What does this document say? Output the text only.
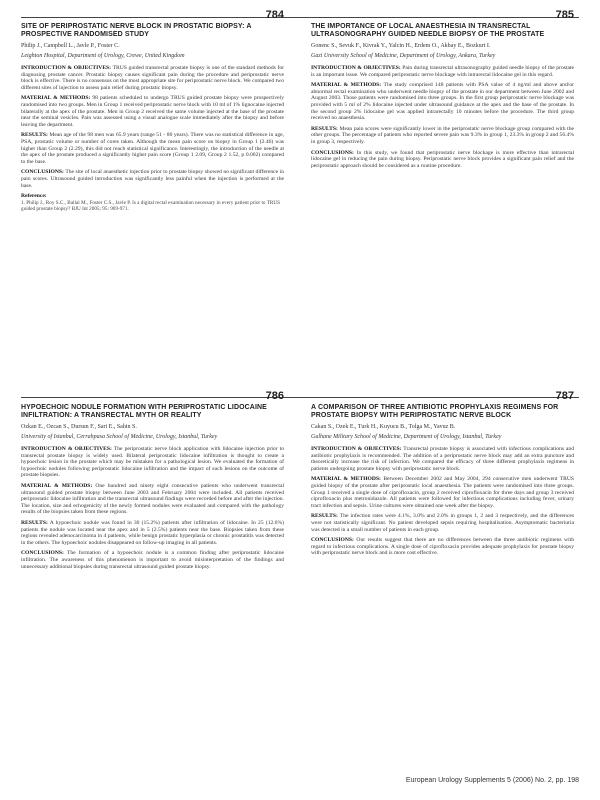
784
SITE OF PERIPROSTATIC NERVE BLOCK IN PROSTATIC BIOPSY: A PROSPECTIVE RANDOMISED STUDY
Philip J., Campbell L., Javle P., Foster C.
Leighton Hospital, Department of Urology, Crewe, United Kingdom

INTRODUCTION & OBJECTIVES: TRUS guided transrectal prostate biopsy is one of the standard methods for diagnosing prostate cancer. Prostatic biopsy causes significant pain during the procedure and periprostatic nerve block is effective. There is no consensus on the most appropriate site for periprostatic nerve block. We compared two different sites of injection to assess pain relief during prostatic biopsy.

MATERIAL & METHODS: 98 patients scheduled to undergo TRUS guided prostate biopsy were prospectively randomised into two groups. Men in Group 1 received periprostatic nerve block with 10 ml of 1% lignocaine injected bilaterally at the apex of the prostate. Men in Group 2 received the same volume injected at the base of the prostate near the seminal vesicles. Pain was assessed using a visual analogue scale immediately after the biopsy and before leaving the department.

RESULTS: Mean age of the 98 men was 65.9 years (range 51 - 80 years). There was no statistical difference in age, PSA, prostatic volume or number of cores taken. Although the mean pain score on biopsy in Group 1 (2.46) was higher than Group 2 (2.29), this did not reach statistical significance. Interestingly, the introduction of the needle at the apex of the prostate produced a significantly higher pain score (Group 1 2.09, Group 2 1.52, p 0.002) compared to the base.

CONCLUSIONS: The site of local anaesthetic injection prior to prostate biopsy showed no significant difference in pain scores. Ultrasound guided introduction was significantly less painful when the injection is performed at the base.

Reference:

1. Philip J., Roy S.C., Ballal M., Foster C.S., Javle P. Is a digital rectal examination necessary in every patient prior to TRUS guided prostate biopsy? BJU Int 2005; 95: 969-971.

785
THE IMPORTANCE OF LOCAL ANAESTHESIA IN TRANSRECTAL ULTRASONOGRAPHY GUIDED NEEDLE BIOPSY OF THE PROSTATE
Gonenc S., Sevuk F., Kivrak Y., Yalcin H., Erdem O., Akbay E., Bozkurt I.
Gazi University School of Medicine, Department of Urology, Ankara, Turkey

INTRODUCTION & OBJECTIVES: Pain during transrectal ultrasonography guided needle biopsy of the prostate is an important issue. We compared periprostatic nerve blockage with intrarectal lidocaine gel in this regard.

MATERIAL & METHODS: The study comprised 148 patients with PSA value of 4 ng/ml and above and/or abnormal rectal examination who underwent needle biopsy of the prostate in our department between June 2002 and August 2003. Those patients were randomised into three groups. In the first group periprostatic nerve blockage was provided with 5 ml of 2% lidocaine injected under ultrasound guidance at the apex and the base of the prostate. In the second group 2% lidocaine gel was applied intrarectally 10 minutes before the procedure. The third group received no anaesthesia.

RESULTS: Mean pain scores were significantly lower in the periprostatic nerve blockage group compared with the other groups. The percentage of patients who reported severe pain was 9.3% in group 1, 23.3% in group 2 and 56.4% in group 3, respectively.

CONCLUSIONS: In this study, we found that periprostatic nerve blockage is more effective than intrarectal lidocaine gel in reducing the pain during biopsy. Periprostatic nerve block provides a significant pain relief and the periprostatic approach should be considered as a routine procedure.

786
HYPOECHOIC NODULE FORMATION WITH PERIPROSTATIC LIDOCAINE INFILTRATION: A TRANSRECTAL MYTH OR REALITY
Ozkan E., Ozcan S., Dursun F., Sari E., Sahin S.
University of Istanbul, Cerrahpasa School of Medicine, Urology, Istanbul, Turkey

INTRODUCTION & OBJECTIVES: The periprostatic nerve block application with lidocaine injection prior to transrectal prostate biopsy is widely used. Bilateral periprostatic lidocaine infiltration is thought to create a hypoechoic lesion in the prostate which may be mistaken for a pathological lesion. We evaluated the formation of hypoechoic nodules following periprostatic lidocaine infiltration and the impact of such lesions on the outcome of prostate biopsies.

MATERIAL & METHODS: One hundred and ninety eight consecutive patients who underwent transrectal ultrasound guided prostate biopsy between June 2003 and February 2004 were included. All patients received periprostatic lidocaine infiltration and the transrectal ultrasound findings were recorded before and after the injection. The location, size and echogenicity of the newly formed nodules were evaluated and compared with the pathology results of the biopsies taken from these regions.

RESULTS: A hypoechoic nodule was found in 30 (15.2%) patients after infiltration of lidocaine. In 25 (12.6%) patients the nodule was located near the apex and in 5 (2.5%) patients near the base. Biopsies taken from these regions revealed adenocarcinoma in 4 patients, while benign prostatic hyperplasia or chronic prostatitis was detected in the others. The hypoechoic nodules disappeared on follow-up imaging in all patients.

CONCLUSIONS: The formation of a hypoechoic nodule is a common finding after periprostatic lidocaine infiltration. The awareness of this phenomenon is important to avoid misinterpretation of the findings and unnecessary additional biopsies during transrectal ultrasound guided prostate biopsy.

787
A COMPARISON OF THREE ANTIBIOTIC PROPHYLAXIS REGIMENS FOR PROSTATE BIOPSY WITH PERIPROSTATIC NERVE BLOCK
Cakan S., Ozek E., Turk H., Kuyucu B., Tolga M., Yavuz B.
Gulhane Military School of Medicine, Department of Urology, Istanbul, Turkey

INTRODUCTION & OBJECTIVES: Transrectal prostate biopsy is associated with infectious complications and antibiotic prophylaxis is recommended. The addition of a periprostatic nerve block may add an extra puncture and theoretically increase the risk of infection. We compared the efficacy of three different prophylaxis regimens in patients undergoing prostate biopsy with periprostatic nerve block.

MATERIAL & METHODS: Between December 2002 and May 2004, 294 consecutive men underwent TRUS guided biopsy of the prostate after periprostatic local anaesthesia. The patients were randomised into three groups. Group 1 received a single dose of ciprofloxacin, group 2 received ciprofloxacin for three days and group 3 received ciprofloxacin plus metronidazole. All patients were followed for infectious complications including fever, urinary tract infection and sepsis. Urine cultures were obtained one week after the biopsy.

RESULTS: The infection rates were 4.1%, 3.0% and 2.0% in groups 1, 2 and 3 respectively, and the differences were not statistically significant. No patient developed sepsis requiring hospitalisation. Asymptomatic bacteriuria was detected in a small number of patients in each group.

CONCLUSIONS: Our results suggest that there are no differences between the three antibiotic regimens with regard to infectious complications. A single dose of ciprofloxacin provides adequate prophylaxis for prostate biopsy with periprostatic nerve block and is more cost effective.

European Urology Supplements 5 (2006) No. 2, pp. 198
